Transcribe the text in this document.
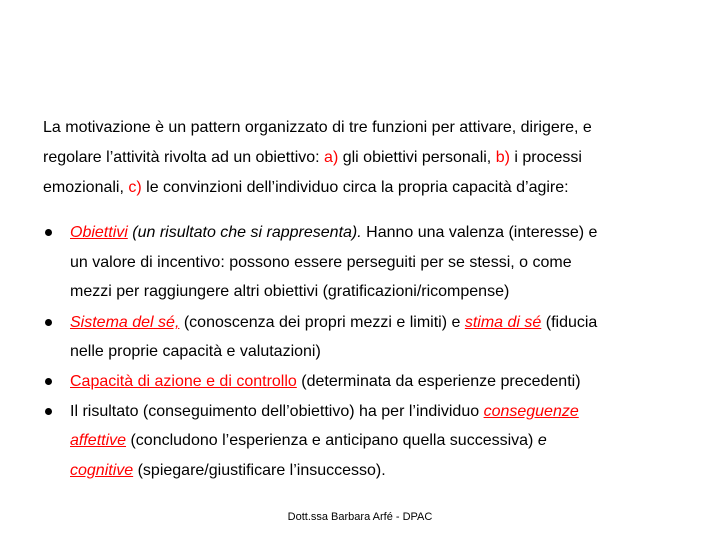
La motivazione è un pattern organizzato di tre funzioni per attivare, dirigere, e
regolare l’attività rivolta ad un obiettivo: a) gli obiettivi personali, b) i processi
emozionali, c) le convinzioni dell’individuo circa la propria capacità d’agire:
Obiettivi (un risultato che si rappresenta). Hanno una valenza (interesse) e
un valore di incentivo: possono essere perseguiti per se stessi, o come
mezzi per raggiungere altri obiettivi (gratificazioni/ricompense)
Sistema del sé, (conoscenza dei propri mezzi e limiti) e stima di sé (fiducia
nelle proprie capacità e valutazioni)
Capacità di azione e di controllo (determinata da esperienze precedenti)
Il risultato (conseguimento dell’obiettivo) ha per l’individuo conseguenze
affettive (concludono l’esperienza e anticipano quella successiva) e
cognitive (spiegare/giustificare l’insuccesso).
Dott.ssa Barbara Arfé - DPAC
